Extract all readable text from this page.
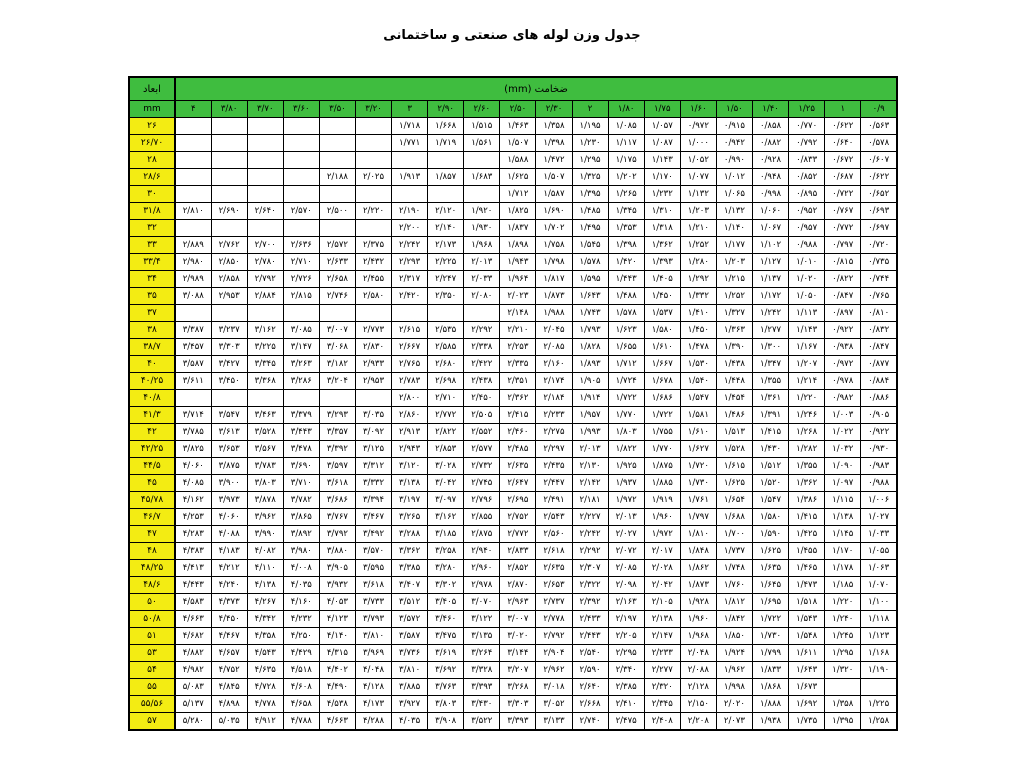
جدول وزن لوله های صنعتی و ساختمانی
ابعاد	ضخامت (mm)																			
mm	۴	۳/۸۰	۳/۷۰	۳/۶۰	۳/۵۰	۳/۲۰	۳	۲/۹۰	۲/۶۰	۲/۵۰	۲/۳۰	۲	۱/۸۰	۱/۷۵	۱/۶۰	۱/۵۰	۱/۴۰	۱/۲۵	۱	۰/۹
۲۶							۱/۷۱۸	۱/۶۶۸	۱/۵۱۵	۱/۴۶۳	۱/۳۵۸	۱/۱۹۵	۱/۰۸۵	۱/۰۵۷	۰/۹۷۲	۰/۹۱۵	۰/۸۵۸	۰/۷۷۰	۰/۶۲۲	۰/۵۶۳
۲۶/۷۰							۱/۷۷۱	۱/۷۱۹	۱/۵۶۱	۱/۵۰۷	۱/۳۹۸	۱/۲۳۰	۱/۱۱۷	۱/۰۸۷	۱/۰۰۰	۰/۹۴۲	۰/۸۸۲	۰/۷۹۲	۰/۶۴۰	۰/۵۷۸
۲۸										۱/۵۸۸	۱/۴۷۲	۱/۲۹۵	۱/۱۷۵	۱/۱۴۳	۱/۰۵۲	۰/۹۹۰	۰/۹۲۸	۰/۸۳۳	۰/۶۷۲	۰/۶۰۷
۲۸/۶					۲/۱۸۸	۲/۰۲۵	۱/۹۱۳	۱/۸۵۷	۱/۶۸۳	۱/۶۲۵	۱/۵۰۷	۱/۳۲۵	۱/۲۰۲	۱/۱۷۰	۱/۰۷۷	۱/۰۱۲	۰/۹۴۸	۰/۸۵۲	۰/۶۸۷	۰/۶۲۲
۳۰										۱/۷۱۲	۱/۵۸۷	۱/۳۹۵	۱/۲۶۵	۱/۲۳۲	۱/۱۳۲	۱/۰۶۵	۰/۹۹۸	۰/۸۹۵	۰/۷۲۲	۰/۶۵۲
۳۱/۸	۲/۸۱۰	۲/۶۹۰	۲/۶۴۰	۲/۵۷۰	۲/۵۰۰	۲/۲۲۰	۲/۱۹۰	۲/۱۲۰	۱/۹۲۰	۱/۸۲۵	۱/۶۹۰	۱/۴۸۵	۱/۳۴۵	۱/۳۱۰	۱/۲۰۳	۱/۱۳۲	۱/۰۶۰	۰/۹۵۲	۰/۷۶۷	۰/۶۹۳
۳۲							۲/۲۰۰	۲/۱۴۰	۱/۹۳۰	۱/۸۳۷	۱/۷۰۲	۱/۴۹۵	۱/۳۵۳	۱/۳۱۸	۱/۲۱۰	۱/۱۴۰	۱/۰۶۷	۰/۹۵۷	۰/۷۷۲	۰/۶۹۷
۳۳	۲/۸۸۹	۲/۷۶۲	۲/۷۰۰	۲/۶۳۶	۲/۵۷۲	۲/۳۷۵	۲/۲۴۲	۲/۱۷۳	۱/۹۶۸	۱/۸۹۸	۱/۷۵۸	۱/۵۴۵	۱/۳۹۸	۱/۳۶۲	۱/۲۵۲	۱/۱۷۷	۱/۱۰۲	۰/۹۸۸	۰/۷۹۷	۰/۷۲۰
۳۳/۴	۲/۹۸۰	۲/۸۵۰	۲/۷۸۰	۲/۷۱۰	۲/۶۳۳	۲/۴۳۲	۲/۲۹۳	۲/۲۲۵	۲/۰۱۳	۱/۹۴۳	۱/۷۹۸	۱/۵۷۸	۱/۴۲۰	۱/۳۹۳	۱/۲۸۰	۱/۲۰۳	۱/۱۲۷	۱/۰۱۰	۰/۸۱۵	۰/۷۳۵
۳۴	۲/۹۸۹	۲/۸۵۸	۲/۷۹۲	۲/۷۲۶	۲/۶۵۸	۲/۴۵۵	۲/۳۱۷	۲/۲۴۷	۲/۰۳۳	۱/۹۶۴	۱/۸۱۷	۱/۵۹۵	۱/۴۴۳	۱/۴۰۵	۱/۲۹۲	۱/۲۱۵	۱/۱۳۷	۱/۰۲۰	۰/۸۲۲	۰/۷۴۴
۳۵	۳/۰۸۸	۲/۹۵۳	۲/۸۸۴	۲/۸۱۵	۲/۷۴۶	۲/۵۸۰	۲/۴۲۰	۲/۳۵۰	۲/۰۸۰	۲/۰۲۳	۱/۸۷۳	۱/۶۴۳	۱/۴۸۸	۱/۴۵۰	۱/۳۳۲	۱/۲۵۲	۱/۱۷۲	۱/۰۵۰	۰/۸۴۷	۰/۷۶۵
۳۷										۲/۱۴۸	۱/۹۸۸	۱/۷۴۳	۱/۵۷۸	۱/۵۳۷	۱/۴۱۰	۱/۳۲۷	۱/۲۴۲	۱/۱۱۳	۰/۸۹۷	۰/۸۱۰
۳۸	۳/۳۸۷	۳/۲۳۷	۳/۱۶۲	۳/۰۸۵	۳/۰۰۷	۲/۷۷۳	۲/۶۱۵	۲/۵۳۵	۲/۲۹۲	۲/۲۱۰	۲/۰۴۵	۱/۷۹۳	۱/۶۲۳	۱/۵۸۰	۱/۴۵۰	۱/۳۶۳	۱/۲۷۷	۱/۱۴۳	۰/۹۲۲	۰/۸۳۲
۳۸/۷	۳/۴۵۷	۳/۳۰۳	۳/۲۲۵	۳/۱۴۷	۳/۰۶۸	۲/۸۳۰	۲/۶۶۷	۲/۵۸۵	۲/۳۳۸	۲/۲۵۳	۲/۰۸۵	۱/۸۲۸	۱/۶۵۵	۱/۶۱۰	۱/۴۷۸	۱/۳۹۰	۱/۳۰۰	۱/۱۶۷	۰/۹۳۸	۰/۸۴۷
۴۰	۳/۵۸۷	۳/۴۲۷	۳/۳۴۵	۳/۲۶۳	۳/۱۸۲	۲/۹۳۳	۲/۷۶۵	۲/۶۸۰	۲/۴۲۲	۲/۳۳۵	۲/۱۶۰	۱/۸۹۳	۱/۷۱۲	۱/۶۶۷	۱/۵۳۰	۱/۴۳۸	۱/۳۴۷	۱/۲۰۷	۰/۹۷۲	۰/۸۷۷
۴۰/۲۵	۳/۶۱۱	۳/۴۵۰	۳/۳۶۸	۳/۲۸۶	۳/۲۰۴	۲/۹۵۳	۲/۷۸۳	۲/۶۹۸	۲/۴۳۸	۲/۳۵۱	۲/۱۷۴	۱/۹۰۵	۱/۷۲۴	۱/۶۷۸	۱/۵۴۰	۱/۴۴۸	۱/۳۵۵	۱/۲۱۴	۰/۹۷۸	۰/۸۸۴
۴۰/۸							۲/۸۰۰	۲/۷۱۰	۲/۴۵۰	۲/۳۶۲	۲/۱۸۴	۱/۹۱۴	۱/۷۲۲	۱/۶۸۶	۱/۵۴۷	۱/۴۵۴	۱/۳۶۱	۱/۲۲۰	۰/۹۸۲	۰/۸۸۶
۴۱/۳	۳/۷۱۴	۳/۵۴۷	۳/۴۶۳	۳/۳۷۹	۳/۲۹۳	۳/۰۳۵	۲/۸۶۰	۲/۷۷۲	۲/۵۰۵	۲/۴۱۵	۲/۲۳۳	۱/۹۵۷	۱/۷۷۰	۱/۷۲۲	۱/۵۸۱	۱/۴۸۶	۱/۳۹۱	۱/۲۴۶	۱/۰۰۳	۰/۹۰۵
۴۲	۳/۷۸۵	۳/۶۱۳	۳/۵۲۸	۳/۴۴۳	۳/۳۵۷	۳/۰۹۲	۲/۹۱۳	۲/۸۲۲	۲/۵۵۲	۲/۴۶۰	۲/۲۷۵	۱/۹۹۳	۱/۸۰۳	۱/۷۵۵	۱/۶۱۰	۱/۵۱۳	۱/۴۱۵	۱/۲۶۸	۱/۰۲۲	۰/۹۲۲
۴۲/۲۵	۳/۸۲۵	۳/۶۵۳	۳/۵۶۷	۳/۴۷۸	۳/۳۹۲	۳/۱۲۵	۲/۹۴۳	۲/۸۵۳	۲/۵۷۷	۲/۴۸۵	۲/۲۹۷	۲/۰۱۳	۱/۸۲۲	۱/۷۷۰	۱/۶۲۷	۱/۵۲۸	۱/۴۳۰	۱/۲۸۲	۱/۰۳۲	۰/۹۳۰
۴۴/۵	۴/۰۶۰	۳/۸۷۵	۳/۷۸۳	۳/۶۹۰	۳/۵۹۷	۳/۳۱۲	۳/۱۲۰	۳/۰۲۸	۲/۷۳۲	۲/۶۳۵	۲/۴۳۵	۲/۱۳۰	۱/۹۲۵	۱/۸۷۵	۱/۷۲۰	۱/۶۱۵	۱/۵۱۲	۱/۳۵۵	۱/۰۹۰	۰/۹۸۳
۴۵	۴/۰۸۵	۳/۹۰۰	۳/۸۰۳	۳/۷۱۰	۳/۶۱۸	۳/۳۳۲	۳/۱۳۸	۳/۰۴۲	۲/۷۴۵	۲/۶۴۷	۲/۴۴۷	۲/۱۴۲	۱/۹۳۷	۱/۸۸۵	۱/۷۳۰	۱/۶۲۵	۱/۵۲۰	۱/۳۶۲	۱/۰۹۷	۰/۹۸۸
۴۵/۷۸	۴/۱۶۲	۳/۹۷۳	۳/۸۷۸	۳/۷۸۲	۳/۶۸۶	۳/۳۹۴	۳/۱۹۷	۳/۰۹۷	۲/۷۹۶	۲/۶۹۵	۲/۴۹۱	۲/۱۸۱	۱/۹۷۲	۱/۹۱۹	۱/۷۶۱	۱/۶۵۴	۱/۵۴۷	۱/۳۸۶	۱/۱۱۵	۱/۰۰۶
۴۶/۷	۴/۲۵۳	۴/۰۶۰	۳/۹۶۲	۳/۸۶۵	۳/۷۶۷	۳/۴۶۷	۳/۲۶۵	۳/۱۶۲	۲/۸۵۵	۲/۷۵۲	۲/۵۴۳	۲/۲۲۷	۲/۰۱۳	۱/۹۶۰	۱/۷۹۷	۱/۶۸۸	۱/۵۸۰	۱/۴۱۵	۱/۱۳۸	۱/۰۲۷
۴۷	۴/۲۸۳	۴/۰۸۸	۳/۹۹۰	۳/۸۹۲	۳/۷۹۲	۳/۴۹۲	۳/۲۸۸	۳/۱۸۵	۲/۸۷۵	۲/۷۷۲	۲/۵۶۰	۲/۲۴۲	۲/۰۲۷	۱/۹۷۲	۱/۸۱۰	۱/۷۰۰	۱/۵۹۰	۱/۴۲۵	۱/۱۴۵	۱/۰۳۳
۴۸	۴/۳۸۳	۴/۱۸۳	۴/۰۸۲	۳/۹۸۰	۳/۸۸۰	۳/۵۷۰	۳/۳۶۲	۳/۲۵۸	۲/۹۴۰	۲/۸۳۳	۲/۶۱۸	۲/۲۹۲	۲/۰۷۲	۲/۰۱۷	۱/۸۴۸	۱/۷۳۷	۱/۶۲۵	۱/۴۵۵	۱/۱۷۰	۱/۰۵۵
۴۸/۲۵	۴/۴۱۳	۴/۲۱۲	۴/۱۱۰	۴/۰۰۸	۳/۹۰۵	۳/۵۹۵	۳/۳۸۵	۳/۲۸۰	۲/۹۶۰	۲/۸۵۲	۲/۶۳۵	۲/۳۰۷	۲/۰۸۵	۲/۰۲۸	۱/۸۶۲	۱/۷۴۸	۱/۶۳۵	۱/۴۶۵	۱/۱۷۸	۱/۰۶۳
۴۸/۶	۴/۴۴۳	۴/۲۴۰	۴/۱۳۸	۴/۰۳۵	۳/۹۳۲	۳/۶۱۸	۳/۴۰۷	۳/۳۰۲	۲/۹۷۸	۲/۸۷۰	۲/۶۵۳	۲/۳۲۲	۲/۰۹۸	۲/۰۴۲	۱/۸۷۳	۱/۷۶۰	۱/۶۴۵	۱/۴۷۳	۱/۱۸۵	۱/۰۷۰
۵۰	۴/۵۸۳	۴/۳۷۳	۴/۲۶۷	۴/۱۶۰	۴/۰۵۳	۳/۷۳۳	۳/۵۱۲	۳/۴۰۵	۳/۰۷۰	۲/۹۶۳	۲/۷۳۷	۲/۳۹۲	۲/۱۶۳	۲/۱۰۵	۱/۹۲۸	۱/۸۱۲	۱/۶۹۵	۱/۵۱۸	۱/۲۲۰	۱/۱۰۰
۵۰/۸	۴/۶۶۳	۴/۴۵۰	۴/۳۴۲	۴/۲۳۲	۴/۱۲۳	۳/۷۹۳	۳/۵۷۲	۳/۴۶۰	۳/۱۲۲	۳/۰۰۷	۲/۷۷۸	۲/۴۳۳	۲/۱۹۷	۲/۱۳۸	۱/۹۶۰	۱/۸۴۲	۱/۷۲۲	۱/۵۴۳	۱/۲۴۰	۱/۱۱۸
۵۱	۴/۶۸۲	۴/۴۶۷	۴/۳۵۸	۴/۲۵۰	۴/۱۴۰	۳/۸۱۰	۳/۵۸۷	۳/۴۷۵	۳/۱۳۵	۳/۰۲۰	۲/۷۹۲	۲/۴۴۳	۲/۲۰۵	۲/۱۴۷	۱/۹۶۸	۱/۸۵۰	۱/۷۳۰	۱/۵۴۸	۱/۲۴۵	۱/۱۲۳
۵۳	۴/۸۸۲	۴/۶۵۷	۴/۵۴۳	۴/۴۲۹	۴/۳۱۵	۳/۹۶۹	۳/۷۳۶	۳/۶۱۹	۳/۲۶۴	۳/۱۴۴	۲/۹۰۴	۲/۵۴۰	۲/۲۹۵	۲/۲۳۳	۲/۰۴۸	۱/۹۲۴	۱/۷۹۹	۱/۶۱۱	۱/۲۹۵	۱/۱۶۸
۵۴	۴/۹۸۲	۴/۷۵۲	۴/۶۳۵	۴/۵۱۸	۴/۴۰۲	۴/۰۴۸	۳/۸۱۰	۳/۶۹۲	۳/۳۲۸	۳/۲۰۷	۲/۹۶۲	۲/۵۹۰	۲/۳۴۰	۲/۲۷۷	۲/۰۸۸	۱/۹۶۲	۱/۸۳۳	۱/۶۴۳	۱/۳۲۰	۱/۱۹۰
۵۵	۵/۰۸۳	۴/۸۴۵	۴/۷۲۸	۴/۶۰۸	۴/۴۹۰	۴/۱۲۸	۳/۸۸۵	۳/۷۶۳	۳/۳۹۳	۳/۲۶۸	۳/۰۱۸	۲/۶۴۰	۲/۳۸۵	۲/۳۲۰	۲/۱۲۸	۱/۹۹۸	۱/۸۶۸	۱/۶۷۳		
۵۵/۵۶	۵/۱۳۷	۴/۸۹۸	۴/۷۷۸	۴/۶۵۸	۴/۵۳۸	۴/۱۷۳	۳/۹۲۷	۳/۸۰۳	۳/۴۳۰	۳/۳۰۳	۳/۰۵۲	۲/۶۶۸	۲/۴۱۰	۲/۳۴۵	۲/۱۵۰	۲/۰۲۰	۱/۸۸۸	۱/۶۹۲	۱/۳۵۸	۱/۲۲۵
۵۷	۵/۲۸۰	۵/۰۳۵	۴/۹۱۲	۴/۷۸۸	۴/۶۶۳	۴/۲۸۸	۴/۰۳۵	۳/۹۰۸	۳/۵۲۲	۳/۳۹۳	۳/۱۳۳	۲/۷۴۰	۲/۴۷۵	۲/۴۰۸	۲/۲۰۸	۲/۰۷۳	۱/۹۳۸	۱/۷۳۵	۱/۳۹۵	۱/۲۵۸
